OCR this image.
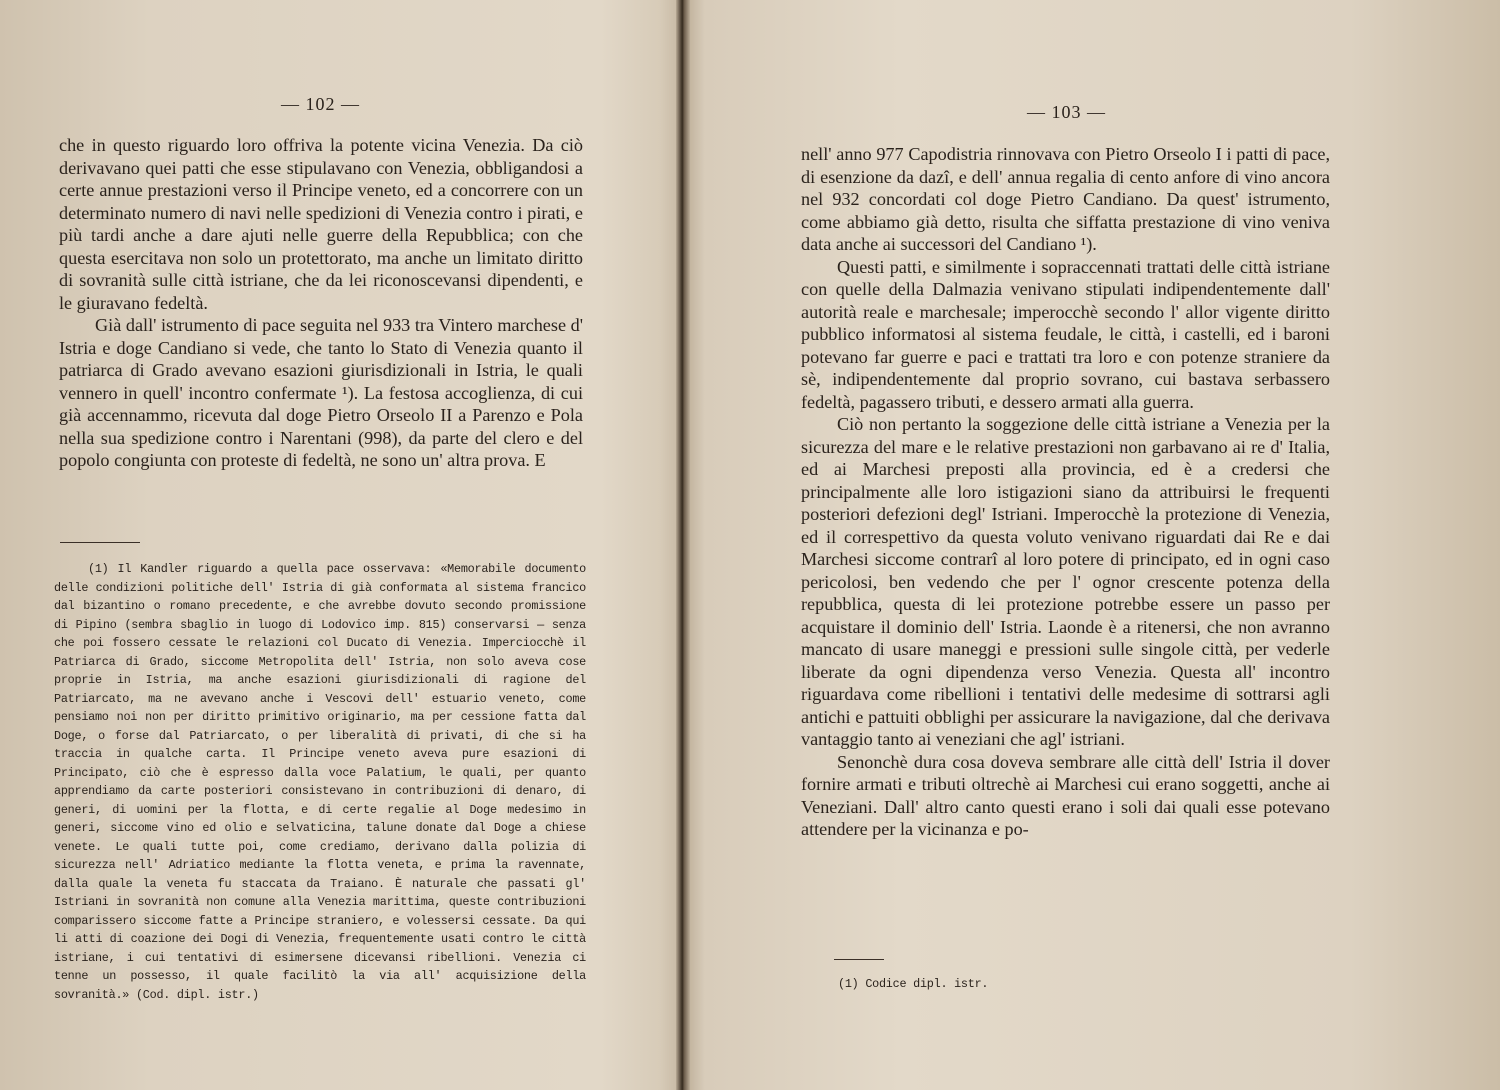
— 102 —

che in questo riguardo loro offriva la potente vicina Venezia. Da ciò derivavano quei patti che esse stipulavano con Venezia, obbligandosi a certe annue prestazioni verso il Principe veneto, ed a concorrere con un determinato numero di navi nelle spedizioni di Venezia contro i pirati, e più tardi anche a dare ajuti nelle guerre della Repubblica; con che questa esercitava non solo un protettorato, ma anche un limitato diritto di sovranità sulle città istriane, che da lei riconoscevansi dipendenti, e le giuravano fedeltà.

Già dall' istrumento di pace seguita nel 933 tra Vintero marchese d' Istria e doge Candiano si vede, che tanto lo Stato di Venezia quanto il patriarca di Grado avevano esazioni giurisdizionali in Istria, le quali vennero in quell' incontro confermate ¹). La festosa accoglienza, di cui già accennammo, ricevuta dal doge Pietro Orseolo II a Parenzo e Pola nella sua spedizione contro i Narentani (998), da parte del clero e del popolo congiunta con proteste di fedeltà, ne sono un' altra prova. E

(1) Il Kandler riguardo a quella pace osservava: «Memorabile documento delle condizioni politiche dell' Istria di già conformata al sistema francico dal bizantino o romano precedente, e che avrebbe dovuto secondo promissione di Pipino (sembra sbaglio in luogo di Lodovico imp. 815) conservarsi — senza che poi fossero cessate le relazioni col Ducato di Venezia. Imperciocchè il Patriarca di Grado, siccome Metropolita dell' Istria, non solo aveva cose proprie in Istria, ma anche esazioni giurisdizionali di ragione del Patriarcato, ma ne avevano anche i Vescovi dell' estuario veneto, come pensiamo noi non per diritto primitivo originario, ma per cessione fatta dal Doge, o forse dal Patriarcato, o per liberalità di privati, di che si ha traccia in qualche carta. Il Principe veneto aveva pure esazioni di Principato, ciò che è espresso dalla voce Palatium, le quali, per quanto apprendiamo da carte posteriori consistevano in contribuzioni di denaro, di generi, di uomini per la flotta, e di certe regalie al Doge medesimo in generi, siccome vino ed olio e selvaticina, talune donate dal Doge a chiese venete. Le quali tutte poi, come crediamo, derivano dalla polizia di sicurezza nell' Adriatico mediante la flotta veneta, e prima la ravennate, dalla quale la veneta fu staccata da Traiano. È naturale che passati gl' Istriani in sovranità non comune alla Venezia marittima, queste contribuzioni comparissero siccome fatte a Principe straniero, e volessersi cessate. Da qui li atti di coazione dei Dogi di Venezia, frequentemente usati contro le città istriane, i cui tentativi di esimersene dicevansi ribellioni. Venezia ci tenne un possesso, il quale facilitò la via all' acquisizione della sovranità.» (Cod. dipl. istr.)

— 103 —

nell' anno 977 Capodistria rinnovava con Pietro Orseolo I i patti di pace, di esenzione da dazî, e dell' annua regalia di cento anfore di vino ancora nel 932 concordati col doge Pietro Candiano. Da quest' istrumento, come abbiamo già detto, risulta che siffatta prestazione di vino veniva data anche ai successori del Candiano ¹).

Questi patti, e similmente i sopraccennati trattati delle città istriane con quelle della Dalmazia venivano stipulati indipendentemente dall' autorità reale e marchesale; imperocchè secondo l' allor vigente diritto pubblico informatosi al sistema feudale, le città, i castelli, ed i baroni potevano far guerre e paci e trattati tra loro e con potenze straniere da sè, indipendentemente dal proprio sovrano, cui bastava serbassero fedeltà, pagassero tributi, e dessero armati alla guerra.

Ciò non pertanto la soggezione delle città istriane a Venezia per la sicurezza del mare e le relative prestazioni non garbavano ai re d' Italia, ed ai Marchesi preposti alla provincia, ed è a credersi che principalmente alle loro istigazioni siano da attribuirsi le frequenti posteriori defezioni degl' Istriani. Imperocchè la protezione di Venezia, ed il correspettivo da questa voluto venivano riguardati dai Re e dai Marchesi siccome contrarî al loro potere di principato, ed in ogni caso pericolosi, ben vedendo che per l' ognor crescente potenza della repubblica, questa di lei protezione potrebbe essere un passo per acquistare il dominio dell' Istria. Laonde è a ritenersi, che non avranno mancato di usare maneggi e pressioni sulle singole città, per vederle liberate da ogni dipendenza verso Venezia. Questa all' incontro riguardava come ribellioni i tentativi delle medesime di sottrarsi agli antichi e pattuiti obblighi per assicurare la navigazione, dal che derivava vantaggio tanto ai veneziani che agl' istriani.

Senonchè dura cosa doveva sembrare alle città dell' Istria il dover fornire armati e tributi oltrechè ai Marchesi cui erano soggetti, anche ai Veneziani. Dall' altro canto questi erano i soli dai quali esse potevano attendere per la vicinanza e po-

(1) Codice dipl. istr.
